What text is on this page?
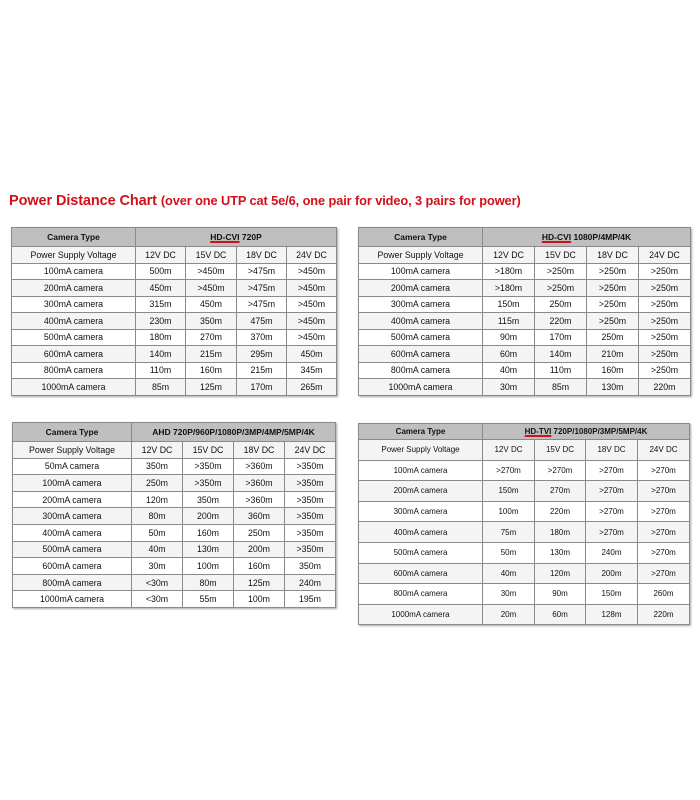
Power Distance Chart (over one UTP cat 5e/6, one pair for video, 3 pairs for power)
Camera Type	HD-CVI 720P			
Power Supply Voltage	12V DC	15V DC	18V DC	24V DC
100mA camera	500m	>450m	>475m	>450m
200mA camera	450m	>450m	>475m	>450m
300mA camera	315m	450m	>475m	>450m
400mA camera	230m	350m	475m	>450m
500mA camera	180m	270m	370m	>450m
600mA camera	140m	215m	295m	450m
800mA camera	110m	160m	215m	345m
1000mA camera	85m	125m	170m	265m
Camera Type	HD-CVI 1080P/4MP/4K			
Power Supply Voltage	12V DC	15V DC	18V DC	24V DC
100mA camera	>180m	>250m	>250m	>250m
200mA camera	>180m	>250m	>250m	>250m
300mA camera	150m	250m	>250m	>250m
400mA camera	115m	220m	>250m	>250m
500mA camera	90m	170m	250m	>250m
600mA camera	60m	140m	210m	>250m
800mA camera	40m	110m	160m	>250m
1000mA camera	30m	85m	130m	220m
Camera Type	AHD 720P/960P/1080P/3MP/4MP/5MP/4K			
Power Supply Voltage	12V DC	15V DC	18V DC	24V DC
50mA camera	350m	>350m	>360m	>350m
100mA camera	250m	>350m	>360m	>350m
200mA camera	120m	350m	>360m	>350m
300mA camera	80m	200m	360m	>350m
400mA camera	50m	160m	250m	>350m
500mA camera	40m	130m	200m	>350m
600mA camera	30m	100m	160m	350m
800mA camera	<30m	80m	125m	240m
1000mA camera	<30m	55m	100m	195m
Camera Type	HD-TVI 720P/1080P/3MP/5MP/4K			
Power Supply Voltage	12V DC	15V DC	18V DC	24V DC
100mA camera	>270m	>270m	>270m	>270m
200mA camera	150m	270m	>270m	>270m
300mA camera	100m	220m	>270m	>270m
400mA camera	75m	180m	>270m	>270m
500mA camera	50m	130m	240m	>270m
600mA camera	40m	120m	200m	>270m
800mA camera	30m	90m	150m	260m
1000mA camera	20m	60m	128m	220m
